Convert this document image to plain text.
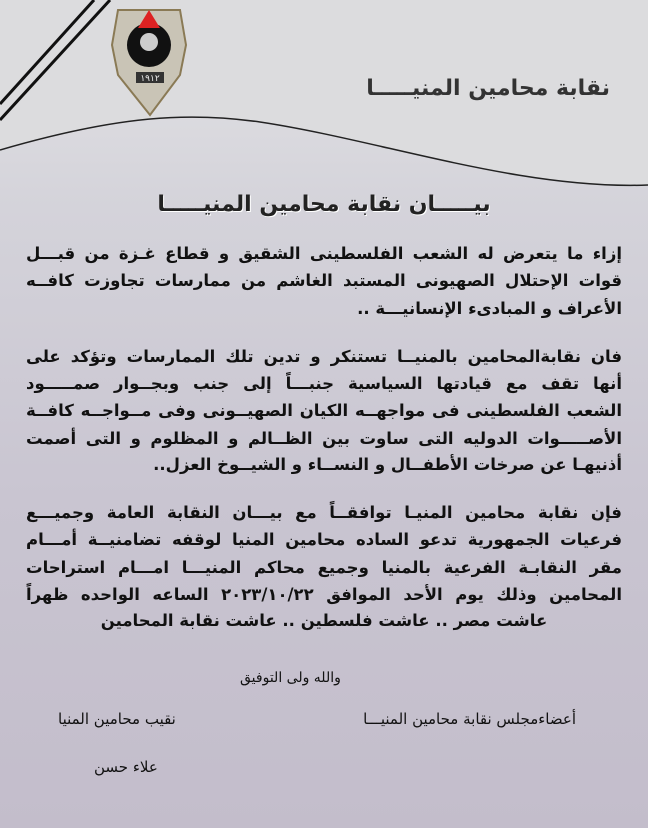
١٩١٢	نقابة محامين المنيـــــا
بيـــــان نقابة محامين المنيـــــا
إزاء ما يتعرض له الشعب الفلسطينى الشقيق و قطاع غـزة من قبـــل
قوات الإحتلال الصهيونى المستبد الغاشم من ممارسات تجاوزت كافــه
الأعراف و المبادىء الإنسانيـــة ..
فان نقابةالمحامين بالمنيــا تستنكر و تدين تلك الممارسات وتؤكد على
أنها تقف مع قيادتها السياسية جنبـــاً إلى جنب وبجــوار صمـــــود
الشعب الفلسطينى فى مواجهــه الكيان الصهيــونى وفى مــواجــه كافــة
الأصـــــوات الدوليه التى ساوت بين الظــالم و المظلوم و التى أصمت
أذنيهـا عن صرخات الأطفــال و النســاء و الشيــوخ العزل..
فإن نقابة محامين المنيـا توافقــاً مع بيـــان النقابة العامة وجميـــع
فرعيات الجمهورية تدعو الساده محامين المنيا لوقفه تضامنيــة أمـــام
مقر النقابـة الفرعية بالمنيا وجميع محاكم المنيـــا امـــام استراحات
المحامين وذلك يوم الأحد الموافق ٢٠٢٣/١٠/٢٢ الساعه الواحده ظهراً
عاشت مصر .. عاشت فلسطين .. عاشت نقابة المحامين
والله ولى التوفيق
أعضاءمجلس نقابة محامين المنيـــا
نقيب محامين المنيا
علاء حسن
